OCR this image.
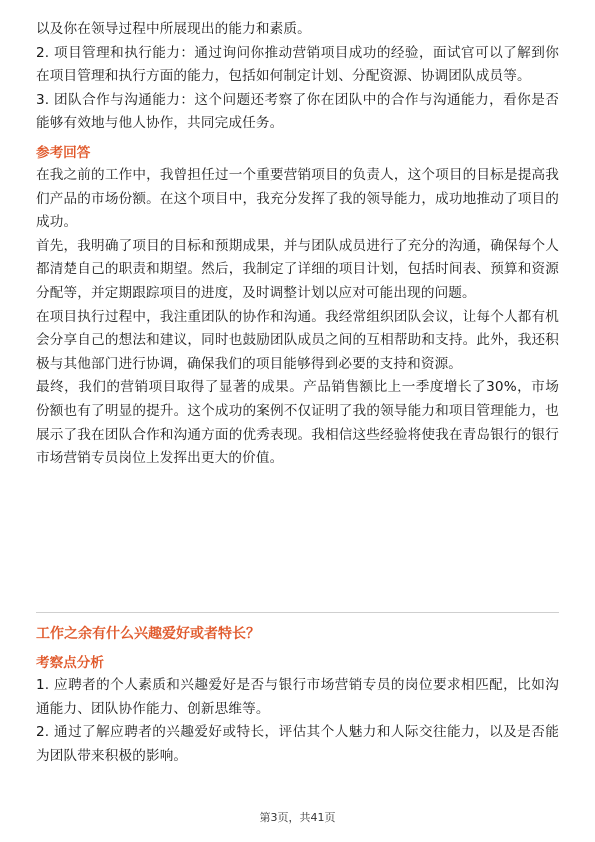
以及你在领导过程中所展现出的能力和素质。

2. 项目管理和执行能力：通过询问你推动营销项目成功的经验，面试官可以了解到你在项目管理和执行方面的能力，包括如何制定计划、分配资源、协调团队成员等。

3. 团队合作与沟通能力：这个问题还考察了你在团队中的合作与沟通能力，看你是否能够有效地与他人协作，共同完成任务。

参考回答

在我之前的工作中，我曾担任过一个重要营销项目的负责人，这个项目的目标是提高我们产品的市场份额。在这个项目中，我充分发挥了我的领导能力，成功地推动了项目的成功。

首先，我明确了项目的目标和预期成果，并与团队成员进行了充分的沟通，确保每个人都清楚自己的职责和期望。然后，我制定了详细的项目计划，包括时间表、预算和资源分配等，并定期跟踪项目的进度，及时调整计划以应对可能出现的问题。

在项目执行过程中，我注重团队的协作和沟通。我经常组织团队会议，让每个人都有机会分享自己的想法和建议，同时也鼓励团队成员之间的互相帮助和支持。此外，我还积极与其他部门进行协调，确保我们的项目能够得到必要的支持和资源。

最终，我们的营销项目取得了显著的成果。产品销售额比上一季度增长了30%，市场份额也有了明显的提升。这个成功的案例不仅证明了我的领导能力和项目管理能力，也展示了我在团队合作和沟通方面的优秀表现。我相信这些经验将使我在青岛银行的银行市场营销专员岗位上发挥出更大的价值。

工作之余有什么兴趣爱好或者特长？
考察点分析

1. 应聘者的个人素质和兴趣爱好是否与银行市场营销专员的岗位要求相匹配，比如沟通能力、团队协作能力、创新思维等。

2. 通过了解应聘者的兴趣爱好或特长，评估其个人魅力和人际交往能力，以及是否能为团队带来积极的影响。

第3页，共41页
